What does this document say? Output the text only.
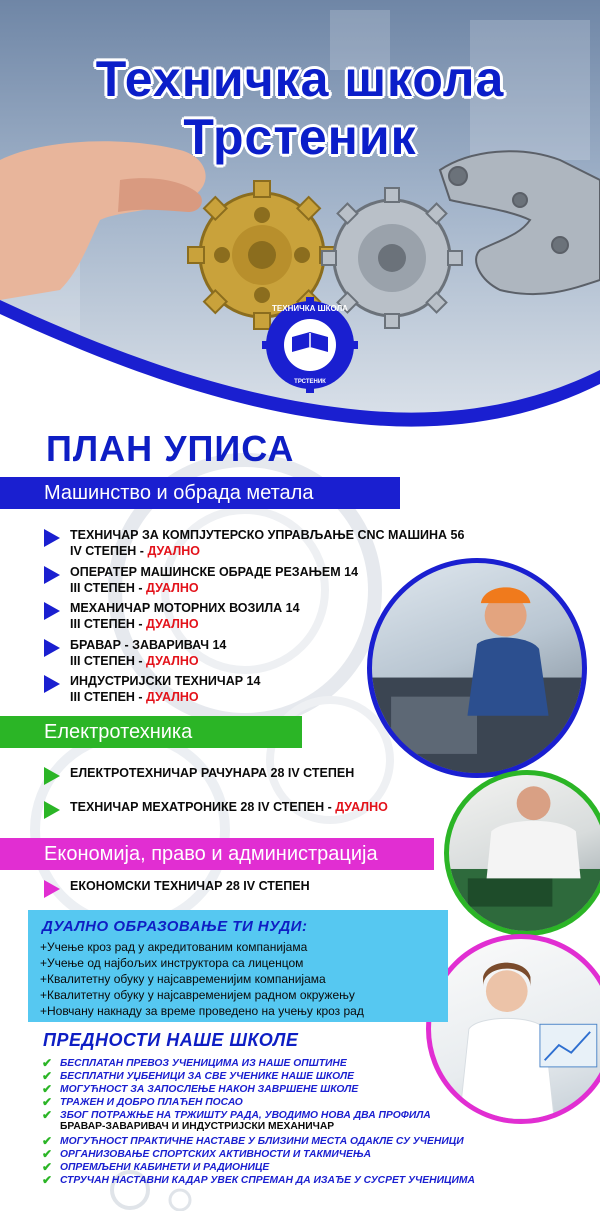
Техничка школа
Трстеник
ТЕХНИЧКА ШКОЛА
ТРСТЕНИК
ПЛАН УПИСА
Машинство и обрада метала
ТЕХНИЧАР ЗА КОМПЈУТЕРСКО УПРАВЉАЊЕ CNC МАШИНА 56
IV СТЕПЕН - ДУАЛНО
ОПЕРАТЕР МАШИНСКЕ ОБРАДЕ РЕЗАЊЕМ 14
III СТЕПЕН - ДУАЛНО
МЕХАНИЧАР МОТОРНИХ ВОЗИЛА 14
III СТЕПЕН - ДУАЛНО
БРАВАР - ЗАВАРИВАЧ 14
III СТЕПЕН - ДУАЛНО
ИНДУСТРИЈСКИ ТЕХНИЧАР 14
III СТЕПЕН - ДУАЛНО
Електротехника
ЕЛЕКТРОТЕХНИЧАР РАЧУНАРА 28 IV СТЕПЕН
ТЕХНИЧАР МЕХАТРОНИКЕ 28 IV СТЕПЕН - ДУАЛНО
Економија, право и администрација
ЕКОНОМСКИ ТЕХНИЧАР 28 IV СТЕПЕН
ДУАЛНО ОБРАЗОВАЊЕ ТИ НУДИ:
+Учење кроз рад у акредитованим компанијама
+Учење од најбољих инструктора са лиценцом
+Квалитетну обуку у најсавременијим компанијама
+Квалитетну обуку у најсавременијем радном окружењу
+Новчану накнаду за време проведено на учењу кроз рад
ПРЕДНОСТИ НАШЕ ШКОЛЕ
✔ БЕСПЛАТАН ПРЕВОЗ УЧЕНИЦИМА ИЗ НАШЕ ОПШТИНЕ
✔ БЕСПЛАТНИ УЏБЕНИЦИ ЗА СВЕ УЧЕНИКЕ НАШЕ ШКОЛЕ
✔ МОГУЋНОСТ ЗА ЗАПОСЛЕЊЕ НАКОН ЗАВРШЕНЕ ШКОЛЕ
✔ ТРАЖЕН И ДОБРО ПЛАЋЕН ПОСАО
✔ ЗБОГ ПОТРАЖЊЕ НА ТРЖИШТУ РАДА, УВОДИМО НОВА ДВА ПРОФИЛА
БРАВАР-ЗАВАРИВАЧ И ИНДУСТРИЈСКИ МЕХАНИЧАР
✔ МОГУЋНОСТ ПРАКТИЧНЕ НАСТАВЕ У БЛИЗИНИ МЕСТА ОДАКЛЕ СУ УЧЕНИЦИ
✔ ОРГАНИЗОВАЊЕ СПОРТСКИХ АКТИВНОСТИ И ТАКМИЧЕЊА
✔ ОПРЕМЉЕНИ КАБИНЕТИ И РАДИОНИЦЕ
✔ СТРУЧАН НАСТАВНИ КАДАР УВЕК СПРЕМАН ДА ИЗАЂЕ У СУСРЕТ УЧЕНИЦИМА
